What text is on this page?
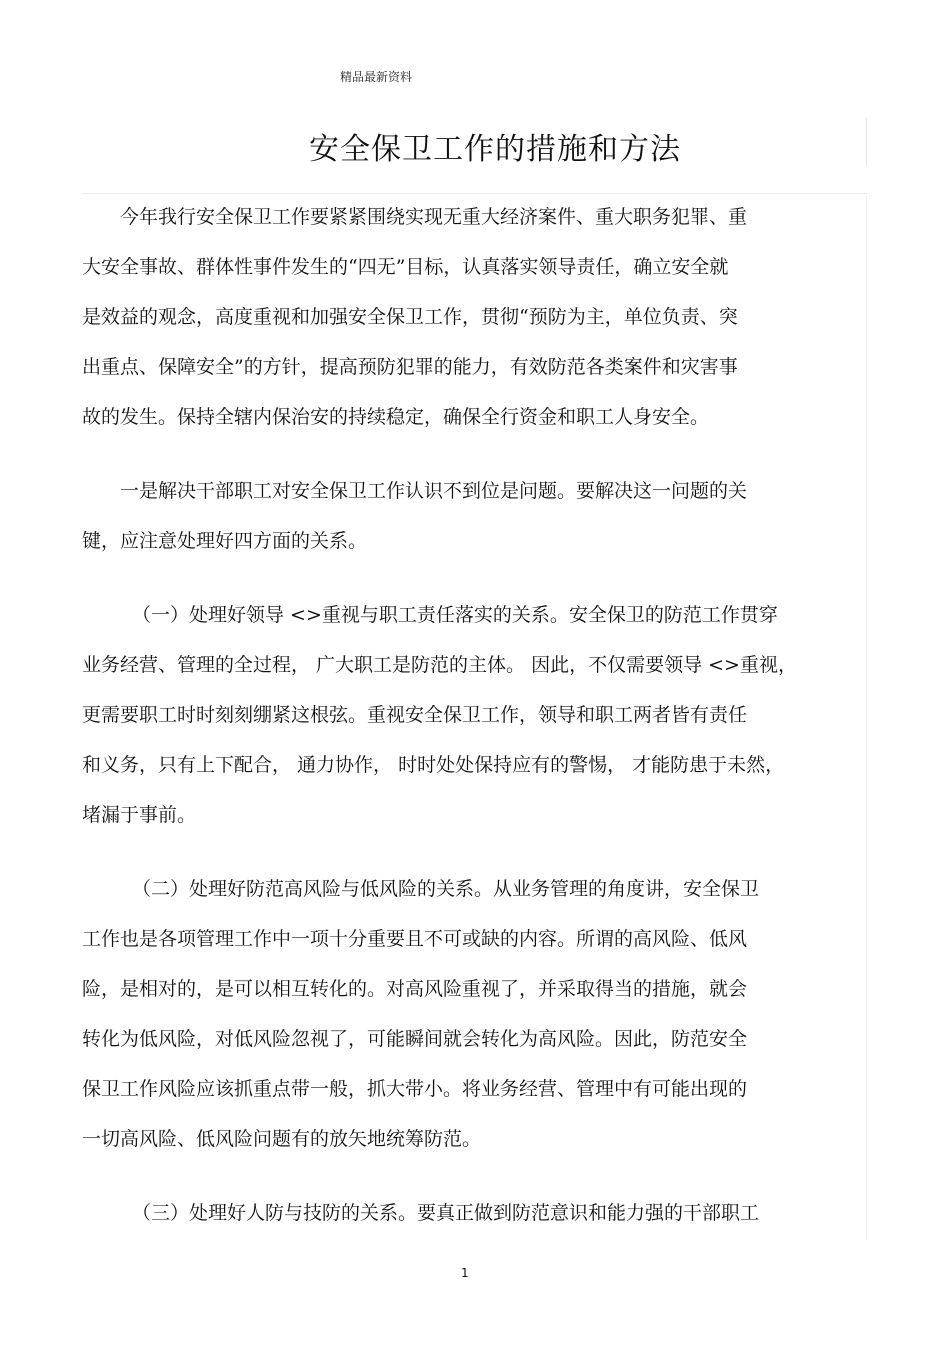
精品最新资料
安全保卫工作的措施和方法
今年我行安全保卫工作要紧紧围绕实现无重大经济案件、重大职务犯罪、重
大安全事故、群体性事件发生的“四无”目标，认真落实领导责任，确立安全就
是效益的观念，高度重视和加强安全保卫工作，贯彻“预防为主，单位负责、突
出重点、保障安全”的方针，提高预防犯罪的能力，有效防范各类案件和灾害事
故的发生。保持全辖内保治安的持续稳定，确保全行资金和职工人身安全。
一是解决干部职工对安全保卫工作认识不到位是问题。要解决这一问题的关
键，应注意处理好四方面的关系。
（一）处理好领导 <>重视与职工责任落实的关系。安全保卫的防范工作贯穿
业务经营、管理的全过程， 广大职工是防范的主体。 因此，不仅需要领导 <>重视，
更需要职工时时刻刻绷紧这根弦。重视安全保卫工作，领导和职工两者皆有责任
和义务，只有上下配合， 通力协作， 时时处处保持应有的警惕， 才能防患于未然，
堵漏于事前。
（二）处理好防范高风险与低风险的关系。从业务管理的角度讲，安全保卫
工作也是各项管理工作中一项十分重要且不可或缺的内容。所谓的高风险、低风
险，是相对的，是可以相互转化的。对高风险重视了，并采取得当的措施，就会
转化为低风险，对低风险忽视了，可能瞬间就会转化为高风险。因此，防范安全
保卫工作风险应该抓重点带一般，抓大带小。将业务经营、管理中有可能出现的
一切高风险、低风险问题有的放矢地统筹防范。
（三）处理好人防与技防的关系。要真正做到防范意识和能力强的干部职工
1
